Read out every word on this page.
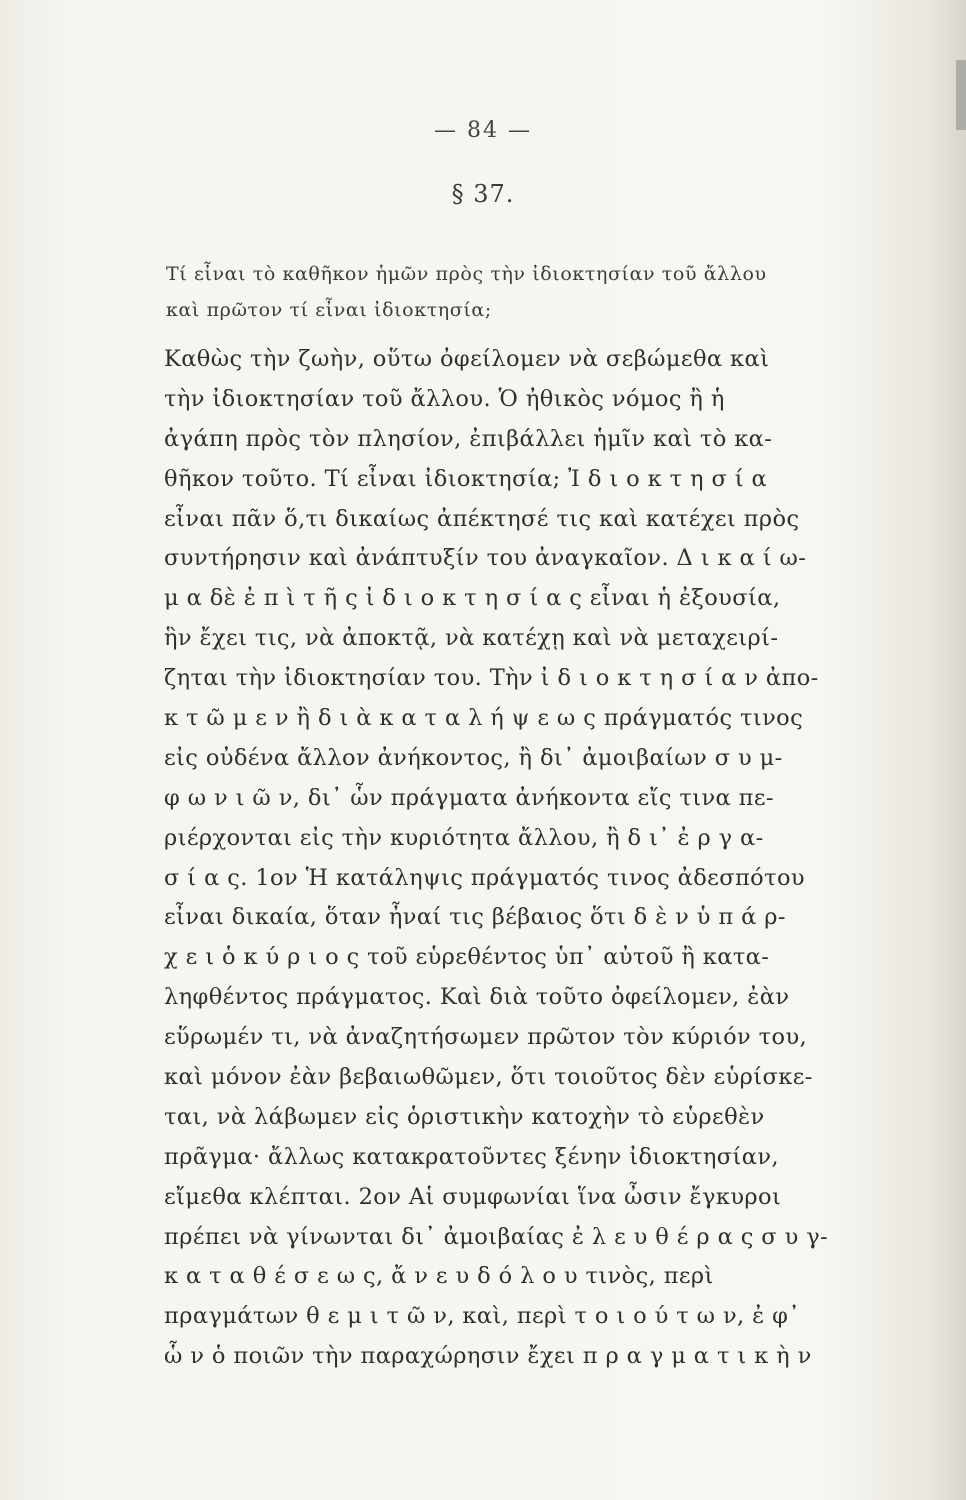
— 84 —
§ 37.
Τί εἶναι τὸ καθῆκον ἡμῶν πρὸς τὴν ἰδιοκτησίαν τοῦ ἄλλου
καὶ πρῶτον τί εἶναι ἰδιοκτησία;
Καθὼς τὴν ζωὴν, οὕτω ὀφείλομεν νὰ σεβώμεθα καὶ
τὴν ἰδιοκτησίαν τοῦ ἄλλου. Ὁ ἠθικὸς νόμος ἢ ἡ
ἀγάπη πρὸς τὸν πλησίον, ἐπιβάλλει ἡμῖν καὶ τὸ κα-
θῆκον τοῦτο. Τί εἶναι ἰδιοκτησία; Ἰ δ ι ο κ τ η σ ί α
εἶναι πᾶν ὅ,τι δικαίως ἀπέκτησέ τις καὶ κατέχει πρὸς
συντήρησιν καὶ ἀνάπτυξίν του ἀναγκαῖον. Δ ι κ α ί ω-
μ α δὲ ἐ π ὶ τ ῆ ς ἰ δ ι ο κ τ η σ ί α ς εἶναι ἡ ἐξουσία,
ἣν ἔχει τις, νὰ ἀποκτᾷ, νὰ κατέχῃ καὶ νὰ μεταχειρί-
ζηται τὴν ἰδιοκτησίαν του. Τὴν ἰ δ ι ο κ τ η σ ί α ν ἀπο-
κ τ ῶ μ ε ν ἢ δ ι ὰ κ α τ α λ ή ψ ε ω ς πράγματός τινος
εἰς οὐδένα ἄλλον ἀνήκοντος, ἢ δι᾽ ἀμοιβαίων σ υ μ-
φ ω ν ι ῶ ν, δι᾽ ὧν πράγματα ἀνήκοντα εἴς τινα πε-
ριέρχονται εἰς τὴν κυριότητα ἄλλου, ἢ δ ι᾽ ἐ ρ γ α-
σ ί α ς. 1ον Ἡ κατάληψις πράγματός τινος ἀδεσπότου
εἶναι δικαία, ὅταν ἦναί τις βέβαιος ὅτι δ ὲ ν ὑ π ά ρ-
χ ε ι ὁ κ ύ ρ ι ο ς τοῦ εὑρεθέντος ὑπ᾽ αὐτοῦ ἢ κατα-
ληφθέντος πράγματος. Καὶ διὰ τοῦτο ὀφείλομεν, ἐὰν
εὕρωμέν τι, νὰ ἀναζητήσωμεν πρῶτον τὸν κύριόν του,
καὶ μόνον ἐὰν βεβαιωθῶμεν, ὅτι τοιοῦτος δὲν εὑρίσκε-
ται, νὰ λάβωμεν εἰς ὁριστικὴν κατοχὴν τὸ εὑρεθὲν
πρᾶγμα· ἄλλως κατακρατοῦντες ξένην ἰδιοκτησίαν,
εἴμεθα κλέπται. 2ον Αἱ συμφωνίαι ἵνα ὦσιν ἔγκυροι
πρέπει νὰ γίνωνται δι᾽ ἀμοιβαίας ἐ λ ε υ θ έ ρ α ς σ υ γ-
κ α τ α θ έ σ ε ω ς, ἄ ν ε υ δ ό λ ο υ τινὸς, περὶ
πραγμάτων θ ε μ ι τ ῶ ν, καὶ, περὶ τ ο ι ο ύ τ ω ν, ἐ φ᾽
ὧ ν ὁ ποιῶν τὴν παραχώρησιν ἔχει π ρ α γ μ α τ ι κ ὴ ν
